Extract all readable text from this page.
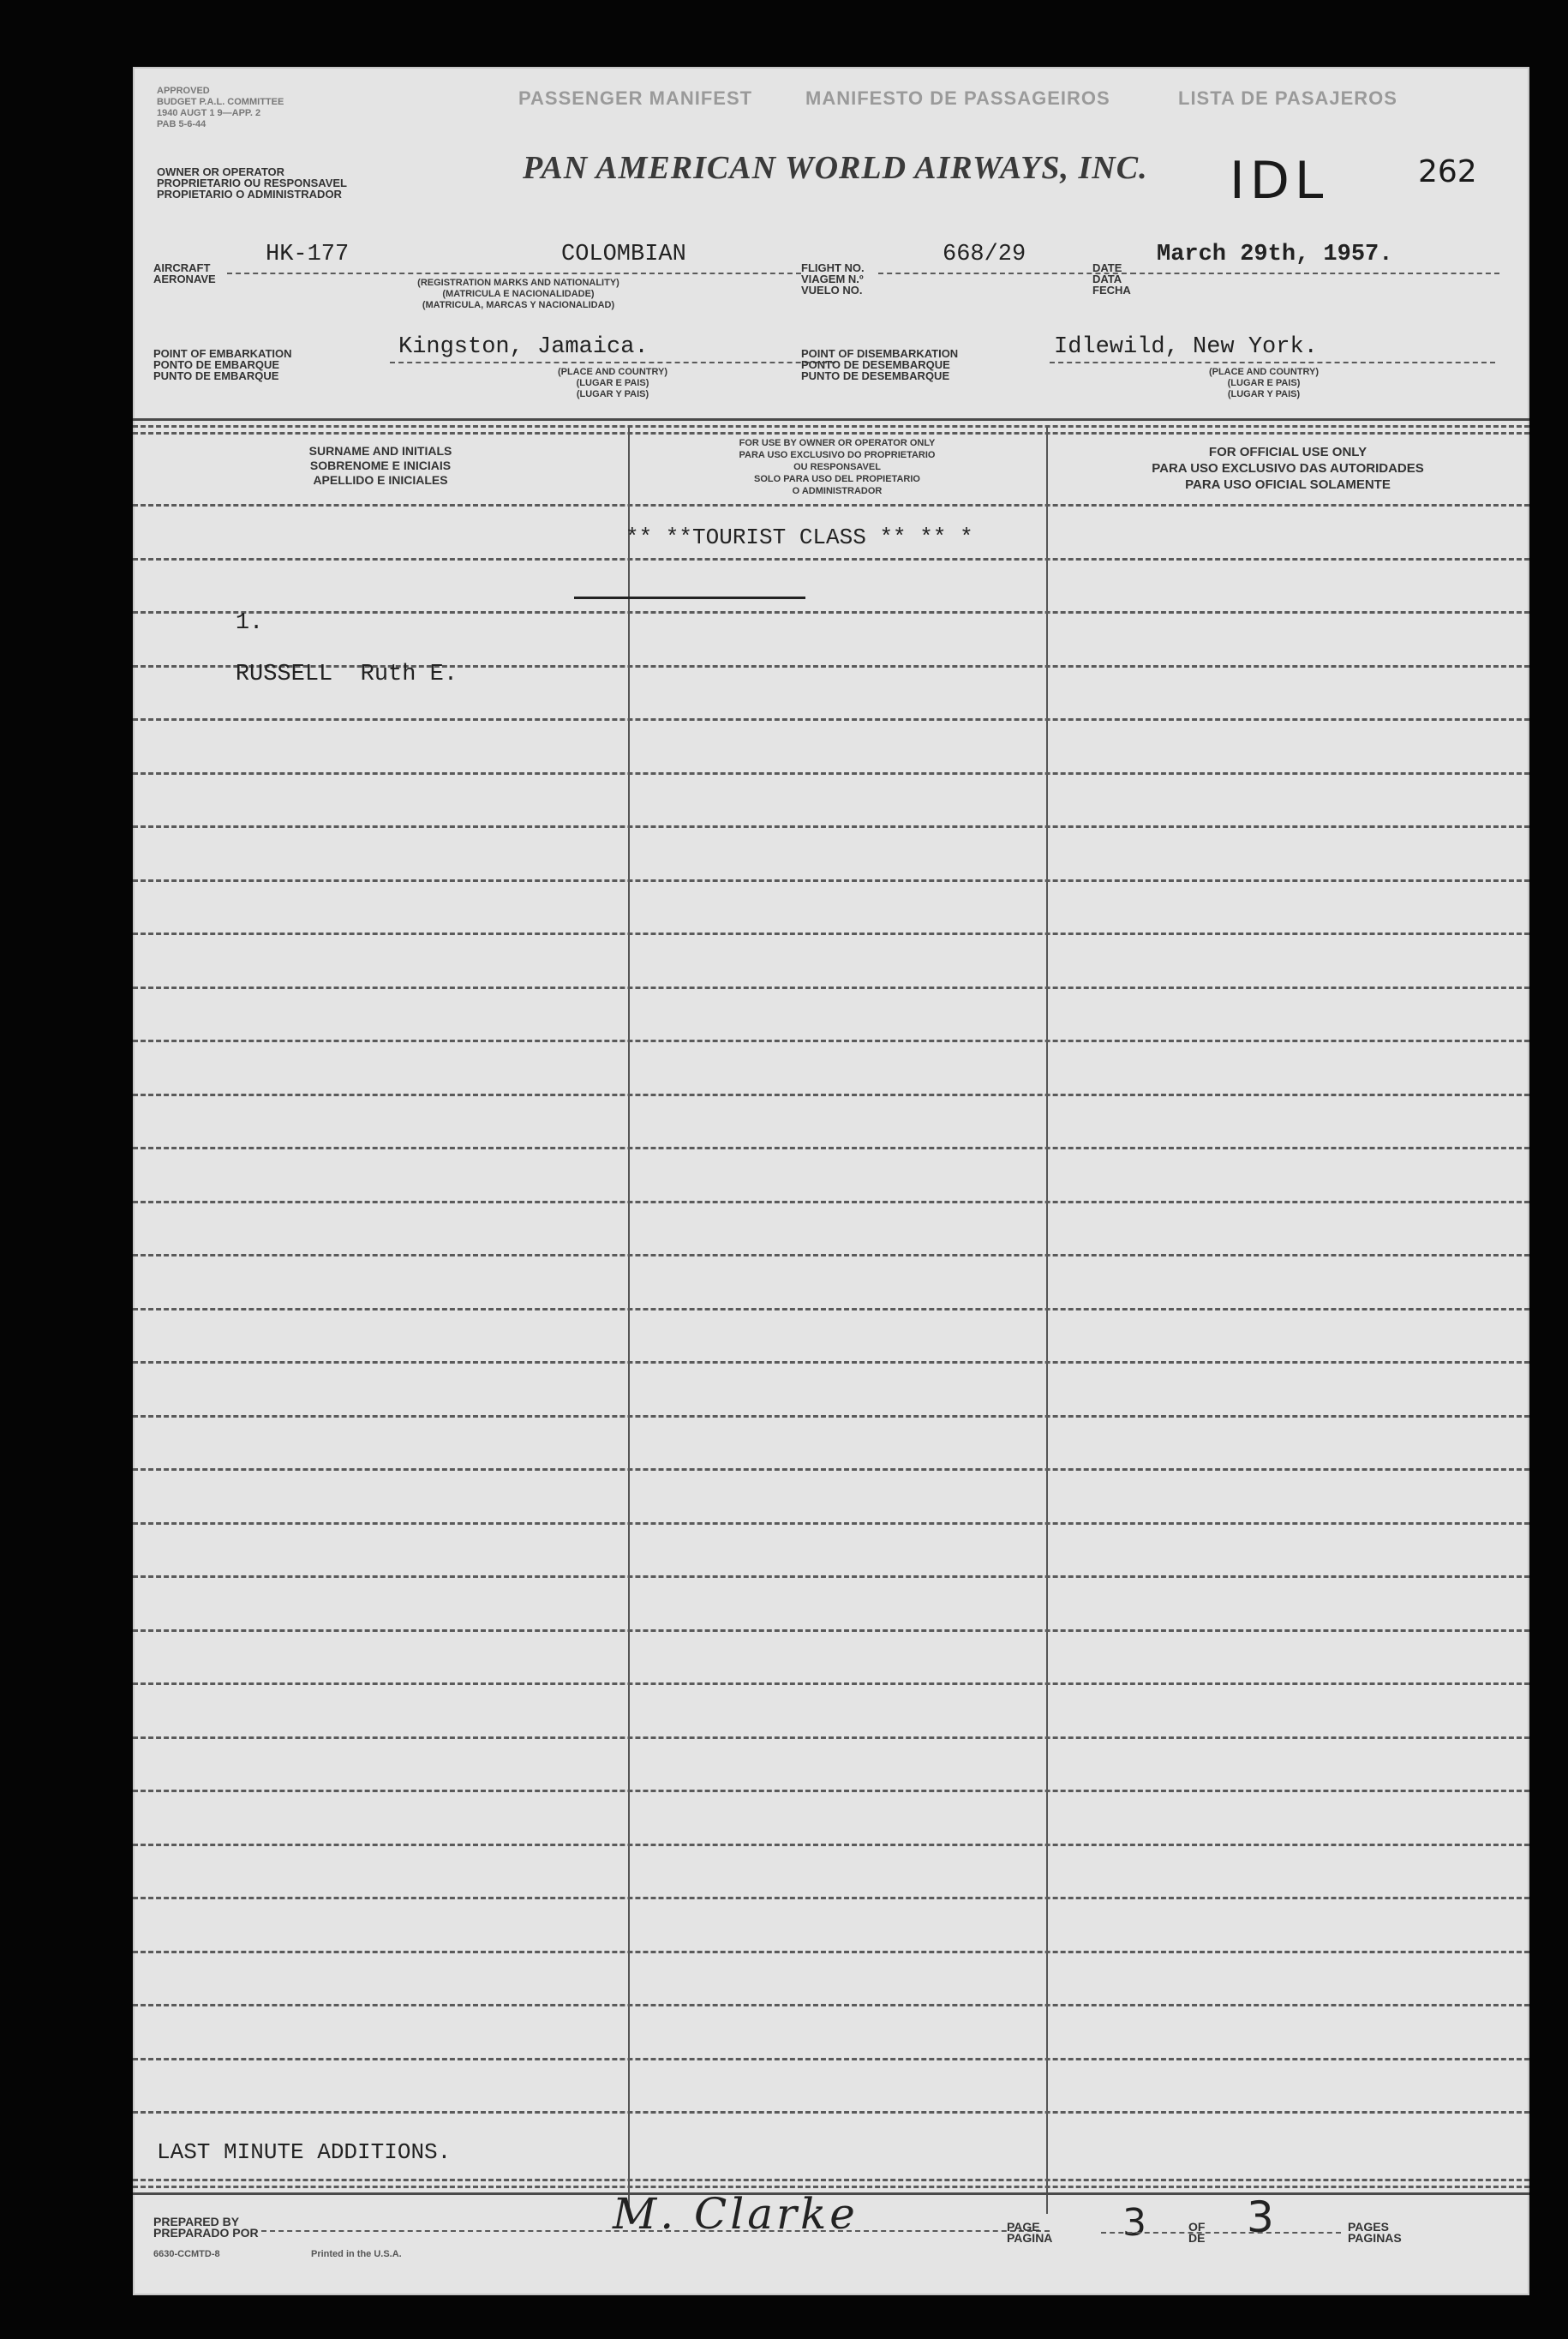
APPROVED
BUDGET P.A.L. COMMITTEE
1940 AUGT 1 9—APP. 2
PAB 5-6-44
PASSENGER MANIFEST	MANIFESTO DE PASSAGEIROS	LISTA DE PASAJEROS
OWNER OR OPERATOR
PROPRIETARIO OU RESPONSAVEL
PROPIETARIO O ADMINISTRADOR
PAN AMERICAN WORLD AIRWAYS, INC. IDL	262
AIRCRAFT
AERONAVE
HK-177	COLOMBIAN
(REGISTRATION MARKS AND NATIONALITY)
(MATRICULA E NACIONALIDADE)
(MATRICULA, MARCAS Y NACIONALIDAD)
FLIGHT NO.
VIAGEM N.º
VUELO NO.
668/29
DATE
DATA
FECHA
March 29th, 1957.
POINT OF EMBARKATION
PONTO DE EMBARQUE
PUNTO DE EMBARQUE
Kingston, Jamaica.
(PLACE AND COUNTRY)
(LUGAR E PAIS)
(LUGAR Y PAIS)
POINT OF DISEMBARKATION
PONTO DE DESEMBARQUE
PUNTO DE DESEMBARQUE
Idlewild, New York.
(PLACE AND COUNTRY)
(LUGAR E PAIS)
(LUGAR Y PAIS)
SURNAME AND INITIALS
SOBRENOME E INICIAIS
APELLIDO E INICIALES
FOR USE BY OWNER OR OPERATOR ONLY
PARA USO EXCLUSIVO DO PROPRIETARIO
OU RESPONSAVEL
SOLO PARA USO DEL PROPIETARIO
O ADMINISTRADOR
FOR OFFICIAL USE ONLY
PARA USO EXCLUSIVO DAS AUTORIDADES
PARA USO OFICIAL SOLAMENTE
** **TOURIST CLASS ** ** *

1.

RUSSELL  Ruth E.

LAST MINUTE ADDITIONS.
PREPARED BY
PREPARADO POR
6630-CCMTD-8	Printed in the U.S.A.
M. Clarke	PAGE
PAGINA 3	OF
DE 3	PAGES
PAGINAS
